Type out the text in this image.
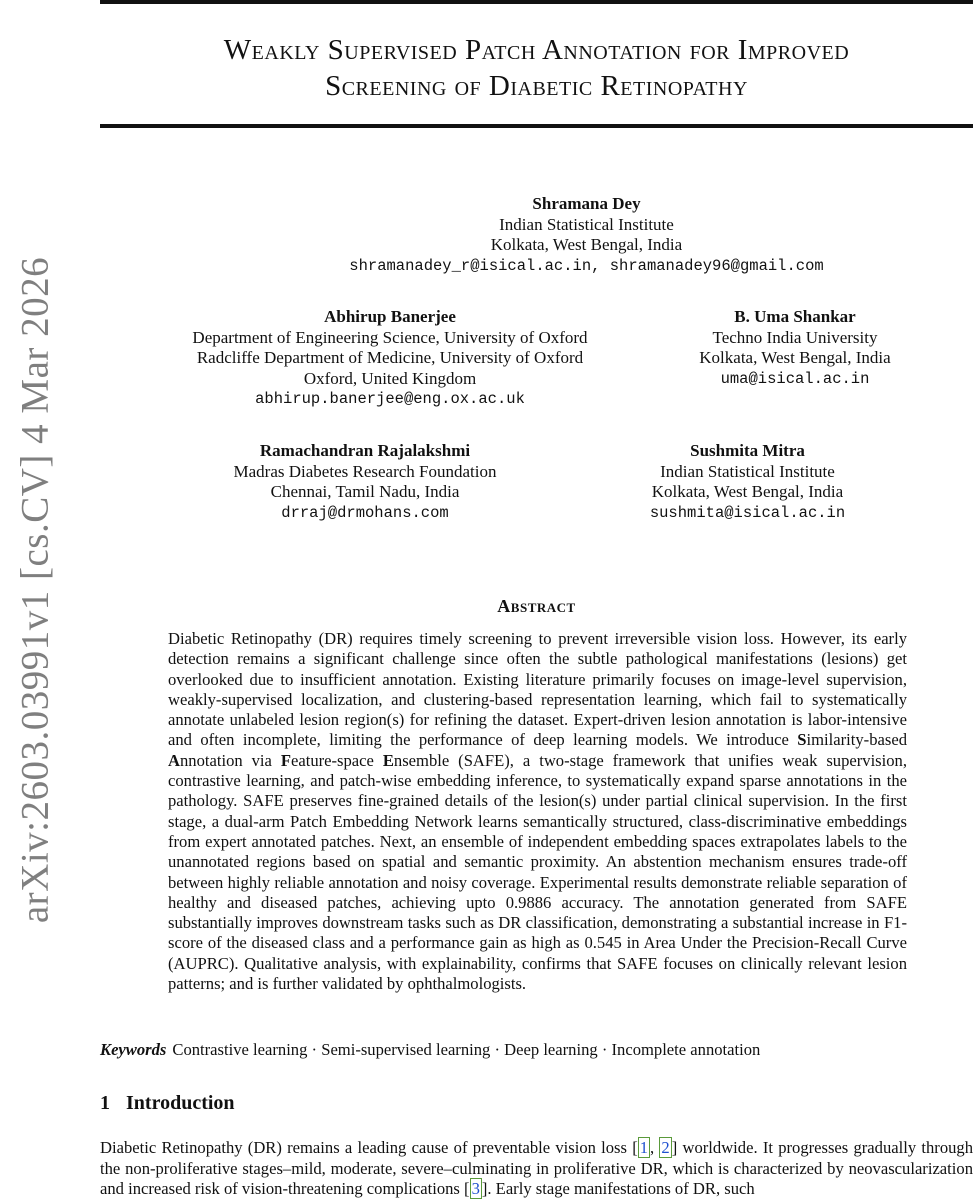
Weakly Supervised Patch Annotation for Improved
Screening of Diabetic Retinopathy
arXiv:2603.03991v1 [cs.CV] 4 Mar 2026
Shramana Dey
Indian Statistical Institute
Kolkata, West Bengal, India
shramanadey_r@isical.ac.in, shramanadey96@gmail.com
Abhirup Banerjee
Department of Engineering Science, University of Oxford
Radcliffe Department of Medicine, University of Oxford
Oxford, United Kingdom
abhirup.banerjee@eng.ox.ac.uk
B. Uma Shankar
Techno India University
Kolkata, West Bengal, India
uma@isical.ac.in
Ramachandran Rajalakshmi
Madras Diabetes Research Foundation
Chennai, Tamil Nadu, India
drraj@drmohans.com
Sushmita Mitra
Indian Statistical Institute
Kolkata, West Bengal, India
sushmita@isical.ac.in
Abstract
Diabetic Retinopathy (DR) requires timely screening to prevent irreversible vision loss. However, its early detection remains a significant challenge since often the subtle pathological manifestations (lesions) get overlooked due to insufficient annotation. Existing literature primarily focuses on image-level supervision, weakly-supervised localization, and clustering-based representation learning, which fail to systematically annotate unlabeled lesion region(s) for refining the dataset. Expert-driven lesion annotation is labor-intensive and often incomplete, limiting the performance of deep learning models. We introduce Similarity-based Annotation via Feature-space Ensemble (SAFE), a two-stage framework that unifies weak supervision, contrastive learning, and patch-wise embedding inference, to systematically expand sparse annotations in the pathology. SAFE preserves fine-grained details of the lesion(s) under partial clinical supervision. In the first stage, a dual-arm Patch Embedding Network learns semantically structured, class-discriminative embeddings from expert annotated patches. Next, an ensemble of independent embedding spaces extrapolates labels to the unannotated regions based on spatial and semantic proximity. An abstention mechanism ensures trade-off between highly reliable annotation and noisy coverage. Experimental results demonstrate reliable separation of healthy and diseased patches, achieving upto 0.9886 accuracy. The annotation generated from SAFE substantially improves downstream tasks such as DR classification, demonstrating a substantial increase in F1-score of the diseased class and a performance gain as high as 0.545 in Area Under the Precision-Recall Curve (AUPRC). Qualitative analysis, with explainability, confirms that SAFE focuses on clinically relevant lesion patterns; and is further validated by ophthalmologists.
Keywords Contrastive learning · Semi-supervised learning · Deep learning · Incomplete annotation
1 Introduction
Diabetic Retinopathy (DR) remains a leading cause of preventable vision loss [ 1 , 2 ] worldwide. It progresses gradually through the non-proliferative stages–mild, moderate, severe–culminating in proliferative DR, which is characterized by neovascularization and increased risk of vision-threatening complications [ 3 ]. Early stage manifestations of DR, such
